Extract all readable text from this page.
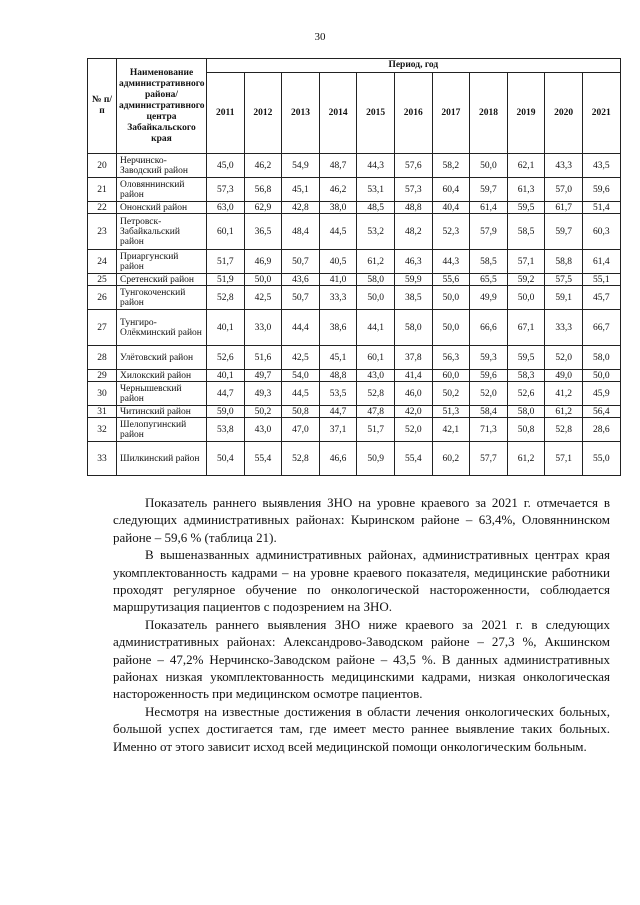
30
№ п/п	Наименование административного района/ административного центра Забайкальского края	Период, год										
		2011	2012	2013	2014	2015	2016	2017	2018	2019	2020	2021
20	Нерчинско-Заводский район	45,0	46,2	54,9	48,7	44,3	57,6	58,2	50,0	62,1	43,3	43,5
21	Оловяннинский район	57,3	56,8	45,1	46,2	53,1	57,3	60,4	59,7	61,3	57,0	59,6
22	Ононский район	63,0	62,9	42,8	38,0	48,5	48,8	40,4	61,4	59,5	61,7	51,4
23	Петровск-Забайкальский район	60,1	36,5	48,4	44,5	53,2	48,2	52,3	57,9	58,5	59,7	60,3
24	Приаргунский район	51,7	46,9	50,7	40,5	61,2	46,3	44,3	58,5	57,1	58,8	61,4
25	Сретенский район	51,9	50,0	43,6	41,0	58,0	59,9	55,6	65,5	59,2	57,5	55,1
26	Тунгокоченский район	52,8	42,5	50,7	33,3	50,0	38,5	50,0	49,9	50,0	59,1	45,7
27	Тунгиро-Олёкминский район	40,1	33,0	44,4	38,6	44,1	58,0	50,0	66,6	67,1	33,3	66,7
28	Улётовский район	52,6	51,6	42,5	45,1	60,1	37,8	56,3	59,3	59,5	52,0	58,0
29	Хилокский район	40,1	49,7	54,0	48,8	43,0	41,4	60,0	59,6	58,3	49,0	50,0
30	Чернышевский район	44,7	49,3	44,5	53,5	52,8	46,0	50,2	52,0	52,6	41,2	45,9
31	Читинский район	59,0	50,2	50,8	44,7	47,8	42,0	51,3	58,4	58,0	61,2	56,4
32	Шелопугинский район	53,8	43,0	47,0	37,1	51,7	52,0	42,1	71,3	50,8	52,8	28,6
33	Шилкинский район	50,4	55,4	52,8	46,6	50,9	55,4	60,2	57,7	61,2	57,1	55,0

Показатель раннего выявления ЗНО на уровне краевого за 2021 г. отмечается в следующих административных районах: Кыринском районе – 63,4%, Оловяннинском районе – 59,6 % (таблица 21).

В вышеназванных административных районах, административных центрах края укомплектованность кадрами – на уровне краевого показателя, медицинские работники проходят регулярное обучение по онкологической настороженности, соблюдается маршрутизация пациентов с подозрением на ЗНО.

Показатель раннего выявления ЗНО ниже краевого за 2021 г. в следующих административных районах: Александрово-Заводском районе – 27,3 %, Акшинском районе – 47,2% Нерчинско-Заводском районе – 43,5 %. В данных административных районах низкая укомплектованность медицинскими кадрами, низкая онкологическая настороженность при медицинском осмотре пациентов.

Несмотря на известные достижения в области лечения онкологических больных, большой успех достигается там, где имеет место раннее выявление таких больных. Именно от этого зависит исход всей медицинской помощи онкологическим больным.
